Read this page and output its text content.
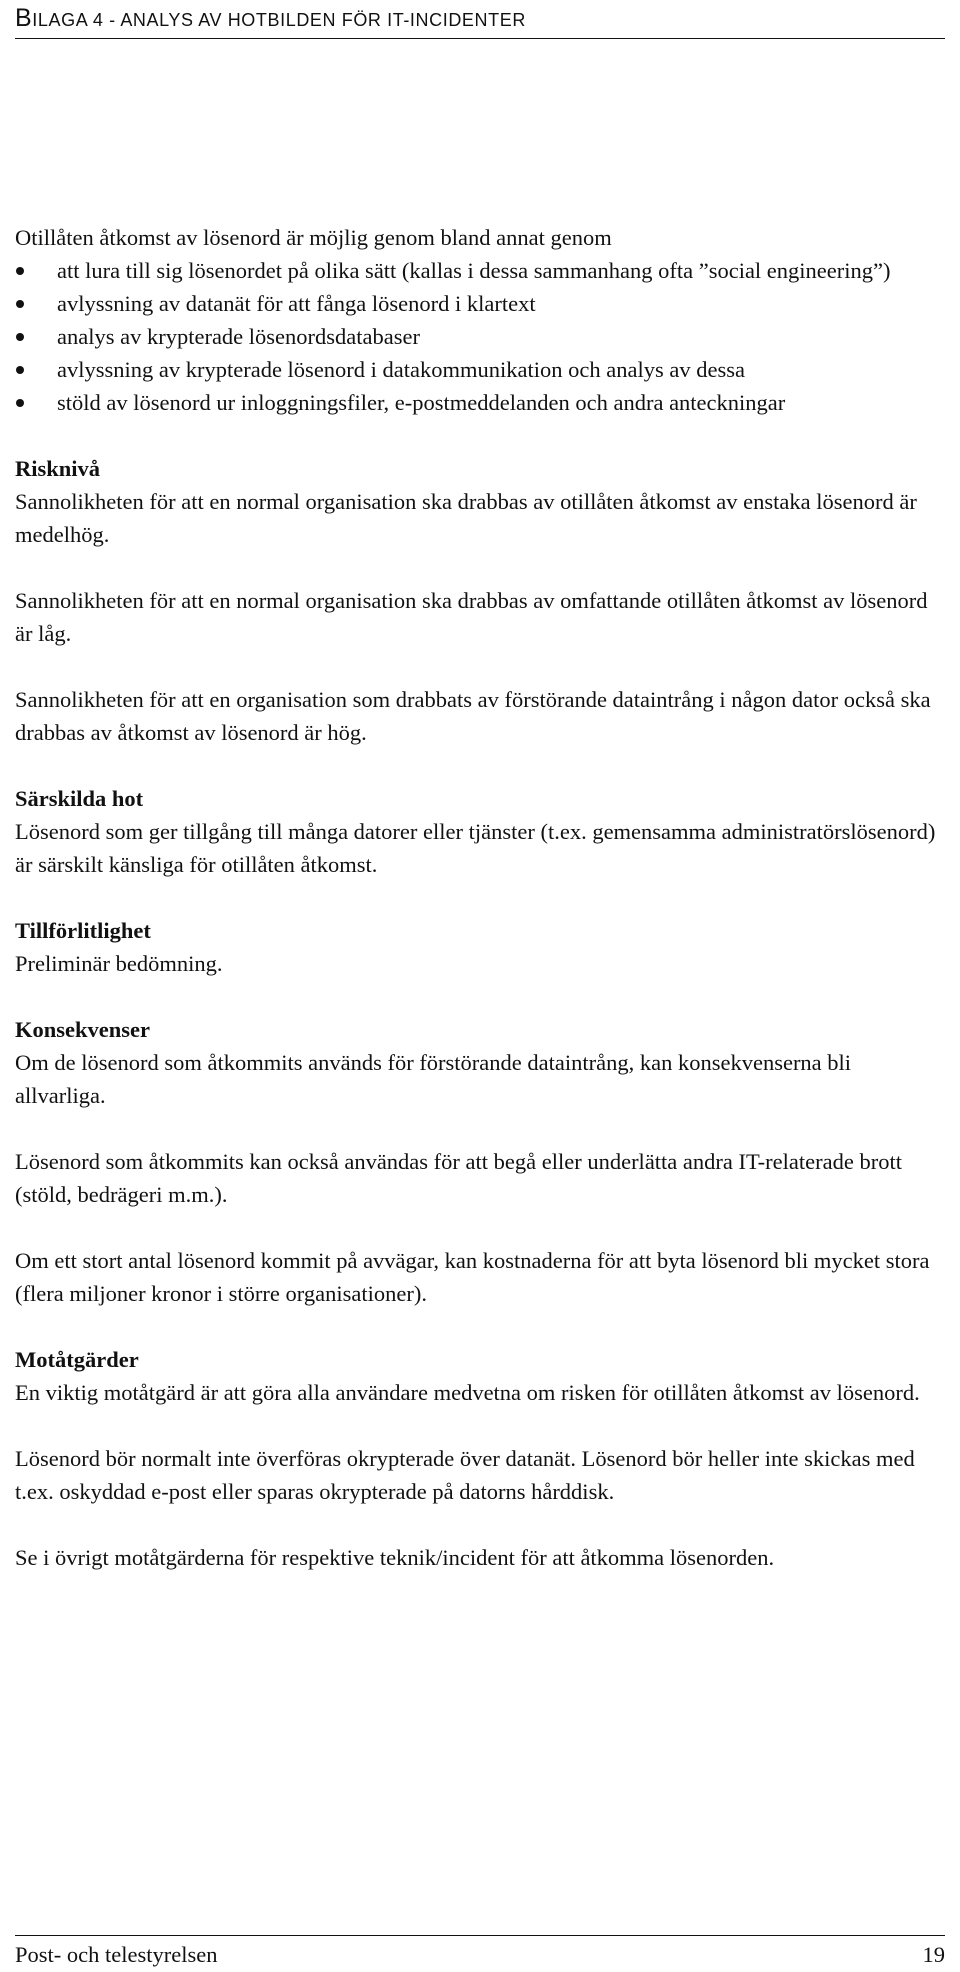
BILAGA 4 - ANALYS AV HOTBILDEN FÖR IT-INCIDENTER

Otillåten åtkomst av lösenord är möjlig genom bland annat genom

att lura till sig lösenordet på olika sätt (kallas i dessa sammanhang ofta ”social engineering”)
avlyssning av datanät för att fånga lösenord i klartext
analys av krypterade lösenordsdatabaser
avlyssning av krypterade lösenord i datakommunikation och analys av dessa
stöld av lösenord ur inloggningsfiler, e-postmeddelanden och andra anteckningar
Risknivå

Sannolikheten för att en normal organisation ska drabbas av otillåten åtkomst av enstaka lösenord är medelhög.

Sannolikheten för att en normal organisation ska drabbas av omfattande otillåten åtkomst av lösenord är låg.

Sannolikheten för att en organisation som drabbats av förstörande dataintrång i någon dator också ska drabbas av åtkomst av lösenord är hög.

Särskilda hot

Lösenord som ger tillgång till många datorer eller tjänster (t.ex. gemensamma administratörslösenord) är särskilt känsliga för otillåten åtkomst.

Tillförlitlighet

Preliminär bedömning.

Konsekvenser

Om de lösenord som åtkommits används för förstörande dataintrång, kan konsekvenserna bli allvarliga.

Lösenord som åtkommits kan också användas för att begå eller underlätta andra IT-relaterade brott (stöld, bedrägeri m.m.).

Om ett stort antal lösenord kommit på avvägar, kan kostnaderna för att byta lösenord bli mycket stora (flera miljoner kronor i större organisationer).

Motåtgärder

En viktig motåtgärd är att göra alla användare medvetna om risken för otillåten åtkomst av lösenord.

Lösenord bör normalt inte överföras okrypterade över datanät. Lösenord bör heller inte skickas med t.ex. oskyddad e-post eller sparas okrypterade på datorns hårddisk.

Se i övrigt motåtgärderna för respektive teknik/incident för att åtkomma lösenorden.

Post- och telestyrelsen	19
